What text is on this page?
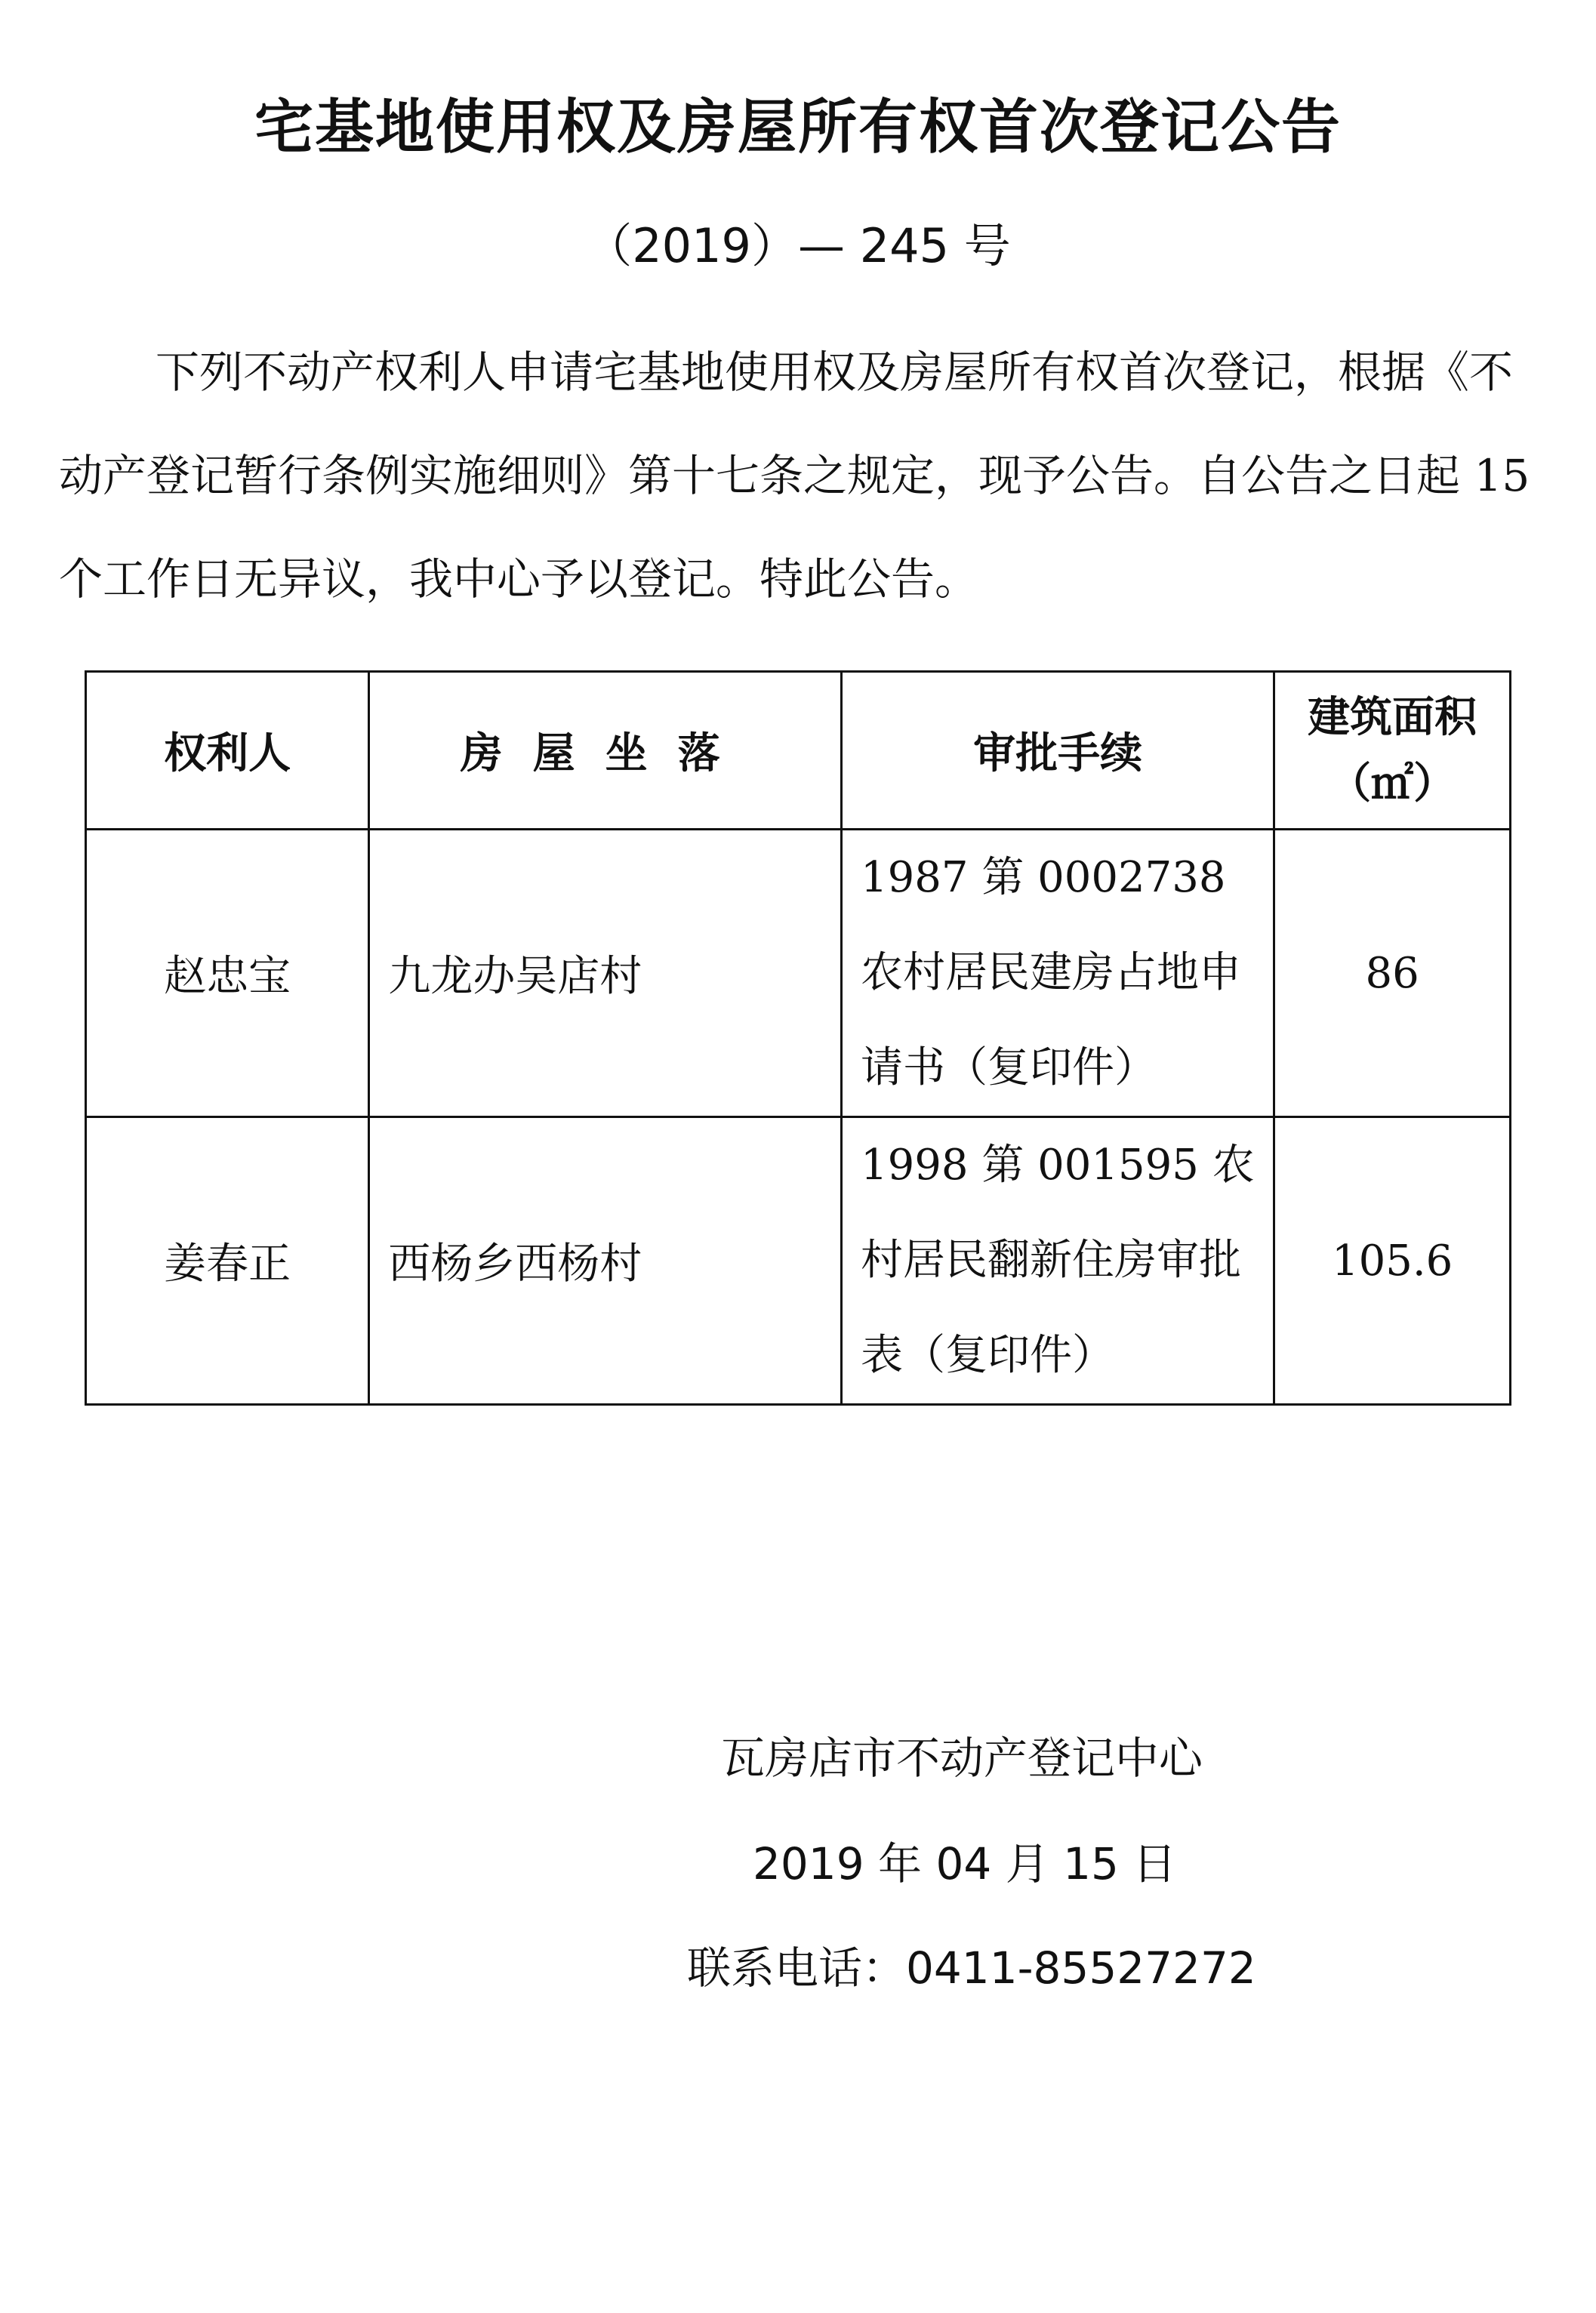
宅基地使用权及房屋所有权首次登记公告
（2019）— 245 号

下列不动产权利人申请宅基地使用权及房屋所有权首次登记，根据《不动产登记暂行条例实施细则》第十七条之规定，现予公告。自公告之日起 15 个工作日无异议，我中心予以登记。特此公告。

权利人	房屋坐落	审批手续	建筑面积
（㎡）

赵忠宝	九龙办吴店村	1987 第 0002738 农村居民建房占地申请书（复印件）	86
姜春正	西杨乡西杨村	1998 第 001595 农村居民翻新住房审批表（复印件）	105.6
瓦房店市不动产登记中心
2019 年 04 月 15 日
联系电话：0411-85527272
